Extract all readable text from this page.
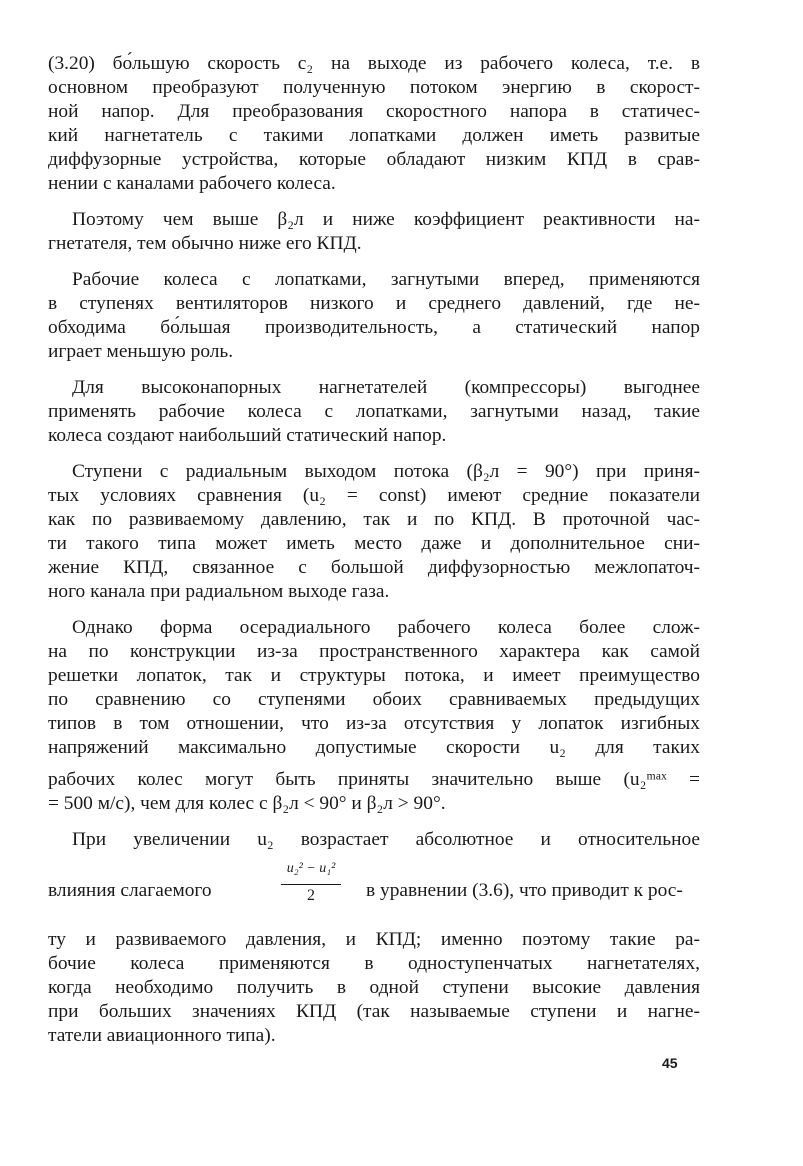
(3.20) бо́льшую скорость c₂ на выходе из рабочего колеса, т.е. в
основном преобразуют полученную потоком энергию в скорост-
ной напор. Для преобразования скоростного напора в статичес-
кий нагнетатель с такими лопатками должен иметь развитые
диффузорные устройства, которые обладают низким КПД в срав-
нении с каналами рабочего колеса.
Поэтому чем выше β₂л и ниже коэффициент реактивности на-
гнетателя, тем обычно ниже его КПД.
Рабочие колеса с лопатками, загнутыми вперед, применяются
в ступенях вентиляторов низкого и среднего давлений, где не-
обходима бо́льшая производительность, а статический напор
играет меньшую роль.
Для высоконапорных нагнетателей (компрессоры) выгоднее
применять рабочие колеса с лопатками, загнутыми назад, такие
колеса создают наибольший статический напор.
Ступени с радиальным выходом потока (β₂л = 90°) при приня-
тых условиях сравнения (u₂ = const) имеют средние показатели
как по развиваемому давлению, так и по КПД. В проточной час-
ти такого типа может иметь место даже и дополнительное сни-
жение КПД, связанное с большой диффузорностью межлопаточ-
ного канала при радиальном выходе газа.
Однако форма осерадиального рабочего колеса более слож-
на по конструкции из-за пространственного характера как самой
решетки лопаток, так и структуры потока, и имеет преимущество
по сравнению со ступенями обоих сравниваемых предыдущих
типов в том отношении, что из-за отсутствия у лопаток изгибных
напряжений максимально допустимые скорости u₂ для таких
рабочих колес могут быть приняты значительно выше (u₂ᵐᵃˣ =
= 500 м/с), чем для колес с β₂л < 90° и β₂л > 90°.
При увеличении u₂ возрастает абсолютное и относительное
влияния слагаемого
u₂² − u₁²
2	в уравнении (3.6), что приводит к рос-
ту и развиваемого давления, и КПД; именно поэтому такие ра-
бочие колеса применяются в одноступенчатых нагнетателях,
когда необходимо получить в одной ступени высокие давления
при больших значениях КПД (так называемые ступени и нагне-
татели авиационного типа).
45
